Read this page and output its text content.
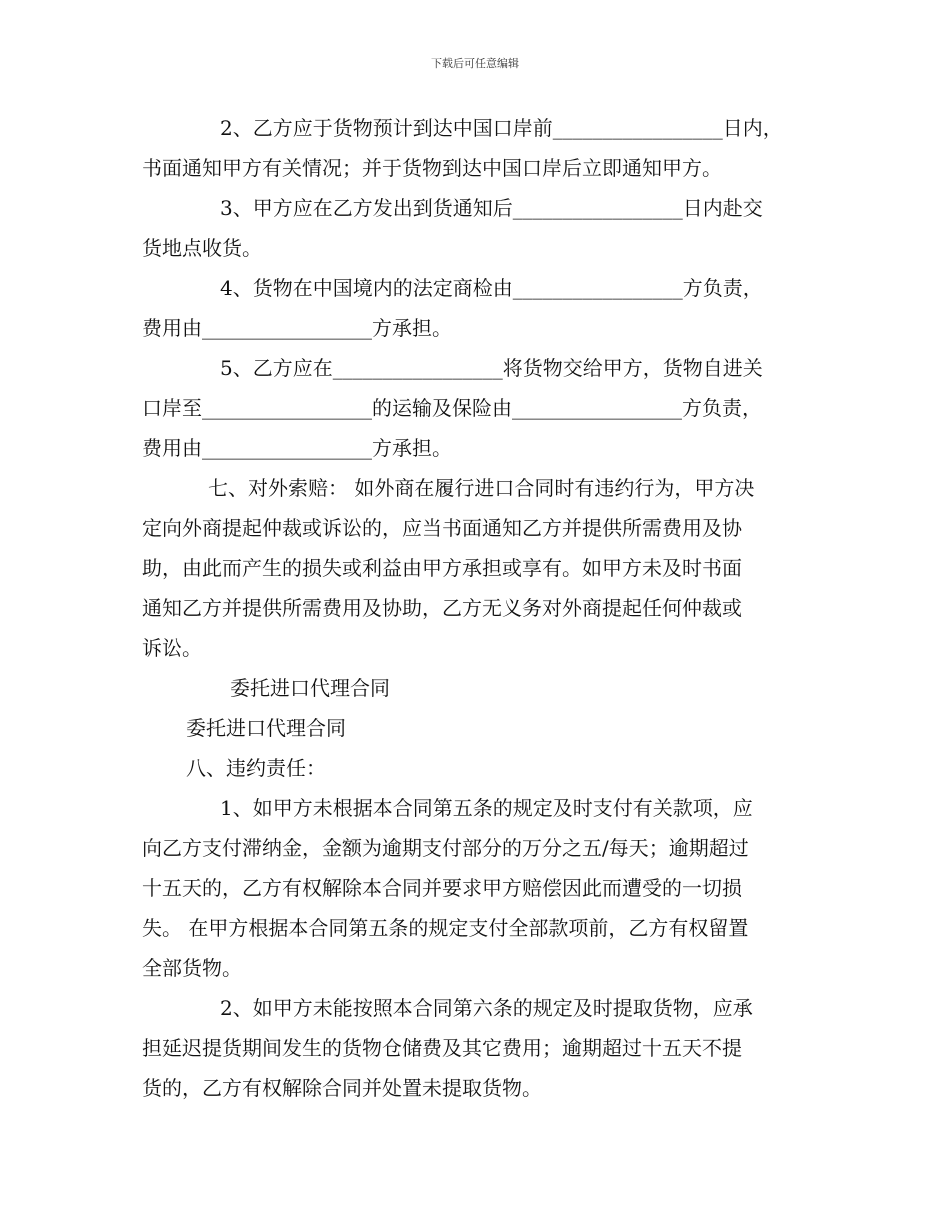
下载后可任意编辑
2、乙方应于货物预计到达中国口岸前_________________日内，
书面通知甲方有关情况；并于货物到达中国口岸后立即通知甲方。
3、甲方应在乙方发出到货通知后_________________日内赴交
货地点收货。
4、货物在中国境内的法定商检由_________________方负责，
费用由_________________方承担。
5、乙方应在_________________将货物交给甲方，货物自进关
口岸至_________________的运输及保险由_________________方负责，
费用由_________________方承担。
七、对外索赔： 如外商在履行进口合同时有违约行为，甲方决
定向外商提起仲裁或诉讼的，应当书面通知乙方并提供所需费用及协
助，由此而产生的损失或利益由甲方承担或享有。如甲方未及时书面
通知乙方并提供所需费用及协助，乙方无义务对外商提起任何仲裁或
诉讼。
委托进口代理合同
委托进口代理合同
八、违约责任：
1、如甲方未根据本合同第五条的规定及时支付有关款项，应
向乙方支付滞纳金，金额为逾期支付部分的万分之五/每天；逾期超过
十五天的，乙方有权解除本合同并要求甲方赔偿因此而遭受的一切损
失。 在甲方根据本合同第五条的规定支付全部款项前，乙方有权留置
全部货物。
2、如甲方未能按照本合同第六条的规定及时提取货物，应承
担延迟提货期间发生的货物仓储费及其它费用；逾期超过十五天不提
货的，乙方有权解除合同并处置未提取货物。
